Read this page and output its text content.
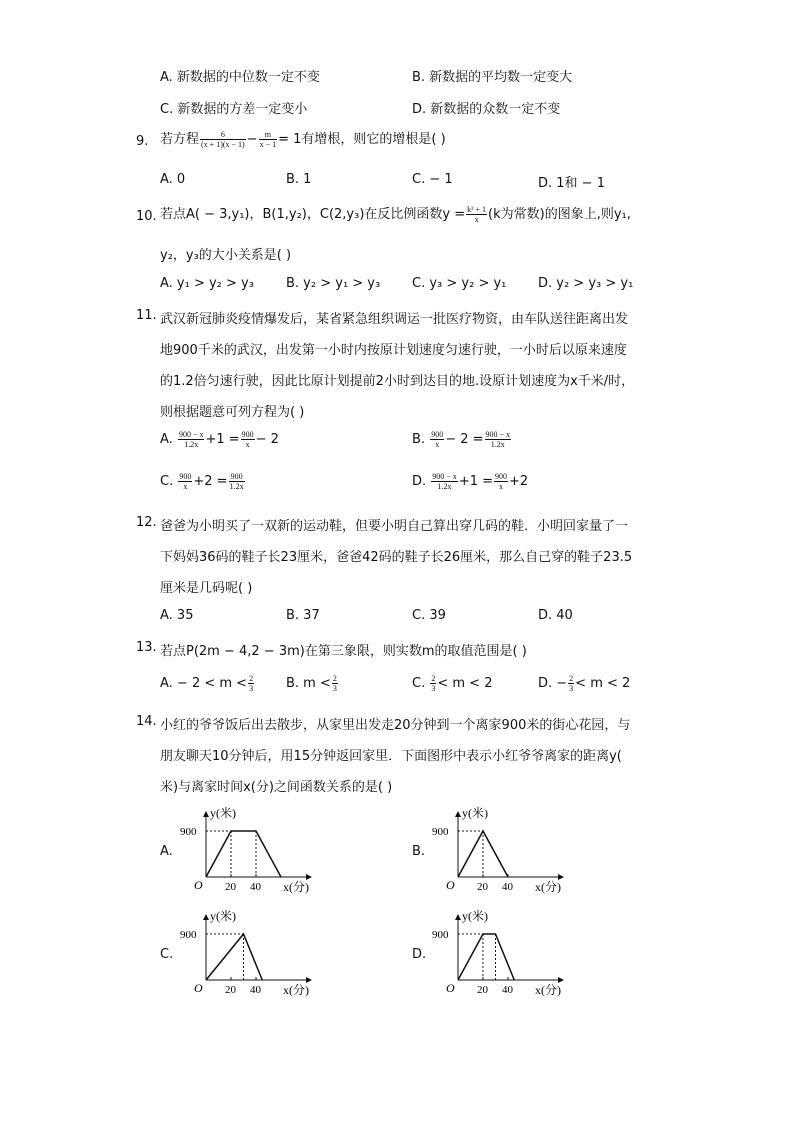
A. 新数据的中位数一定不变	B. 新数据的平均数一定变大
C. 新数据的方差一定变小	D. 新数据的众数一定不变
9. 若方程 $\frac{6}{(x + 1)(x - 1)} - \frac{m}{x - 1} = 1$有增根，则它的增根是( )
A. 0	B. 1	C. − 1	D. 1和 − 1
10. 若点A( − 3,y₁)，B(1,y₂)，C(2,y₃)在反比例函数$y = \frac{\text{k² + 1}}{x} (k$为常数)的图象上,则y₁,
y₂，y₃的大小关系是( )
A. y₁ > y₂ > y₃ B. y₂ > y₁ > y₃ C. y₃ > y₂ > y₁ D. y₂ > y₃ > y₁
11. 武汉新冠肺炎疫情爆发后，某省紧急组织调运一批医疗物资，由车队送往距离出发
地900千米的武汉，出发第一小时内按原计划速度匀速行驶，一小时后以原来速度
的1.2倍匀速行驶，因此比原计划提前2小时到达目的地.设原计划速度为x千米/时，
则根据题意可列方程为( )
A. $\frac{900 - x}{1.2x} +1 = \frac{900}{x} - 2$	B. $\frac{900}{x} - 2 = \frac{900 - x}{1.2x}$
C. $\frac{900}{x} +2 = \frac{900}{1.2x}$	D. $\frac{900 - x}{1.2x} +1 = \frac{900}{x} +2$
12. 爸爸为小明买了一双新的运动鞋，但要小明自己算出穿几码的鞋．小明回家量了一
下妈妈36码的鞋子长23厘米，爸爸42码的鞋子长26厘米，那么自己穿的鞋子23.5
厘米是几码呢( )
A. 35	B. 37	C. 39	D. 40
13. 若点P(2m − 4,2 − 3m)在第三象限，则实数m的取值范围是( )
A. − $2 < m < \frac{2}{3} B$. $m < \frac{2}{3}$	C. $\frac{2}{3} < m < 2$	D. − $\frac{2}{3} < m < 2$
14. 小红的爷爷饭后出去散步，从家里出发走20分钟到一个离家900米的街心花园，与
朋友聊天10分钟后，用15分钟返回家里．下面图形中表示小红爷爷离家的距离y(
米)与离家时间x(分)之间函数关系的是( )
A.	B.
C.	D.
y(米)
x(分)
O
900
20 40
y(米)
x(分)
O
900
20 40
y(米)
x(分)
O
900
20 40
y(米)
x(分)
O
900
20 40
